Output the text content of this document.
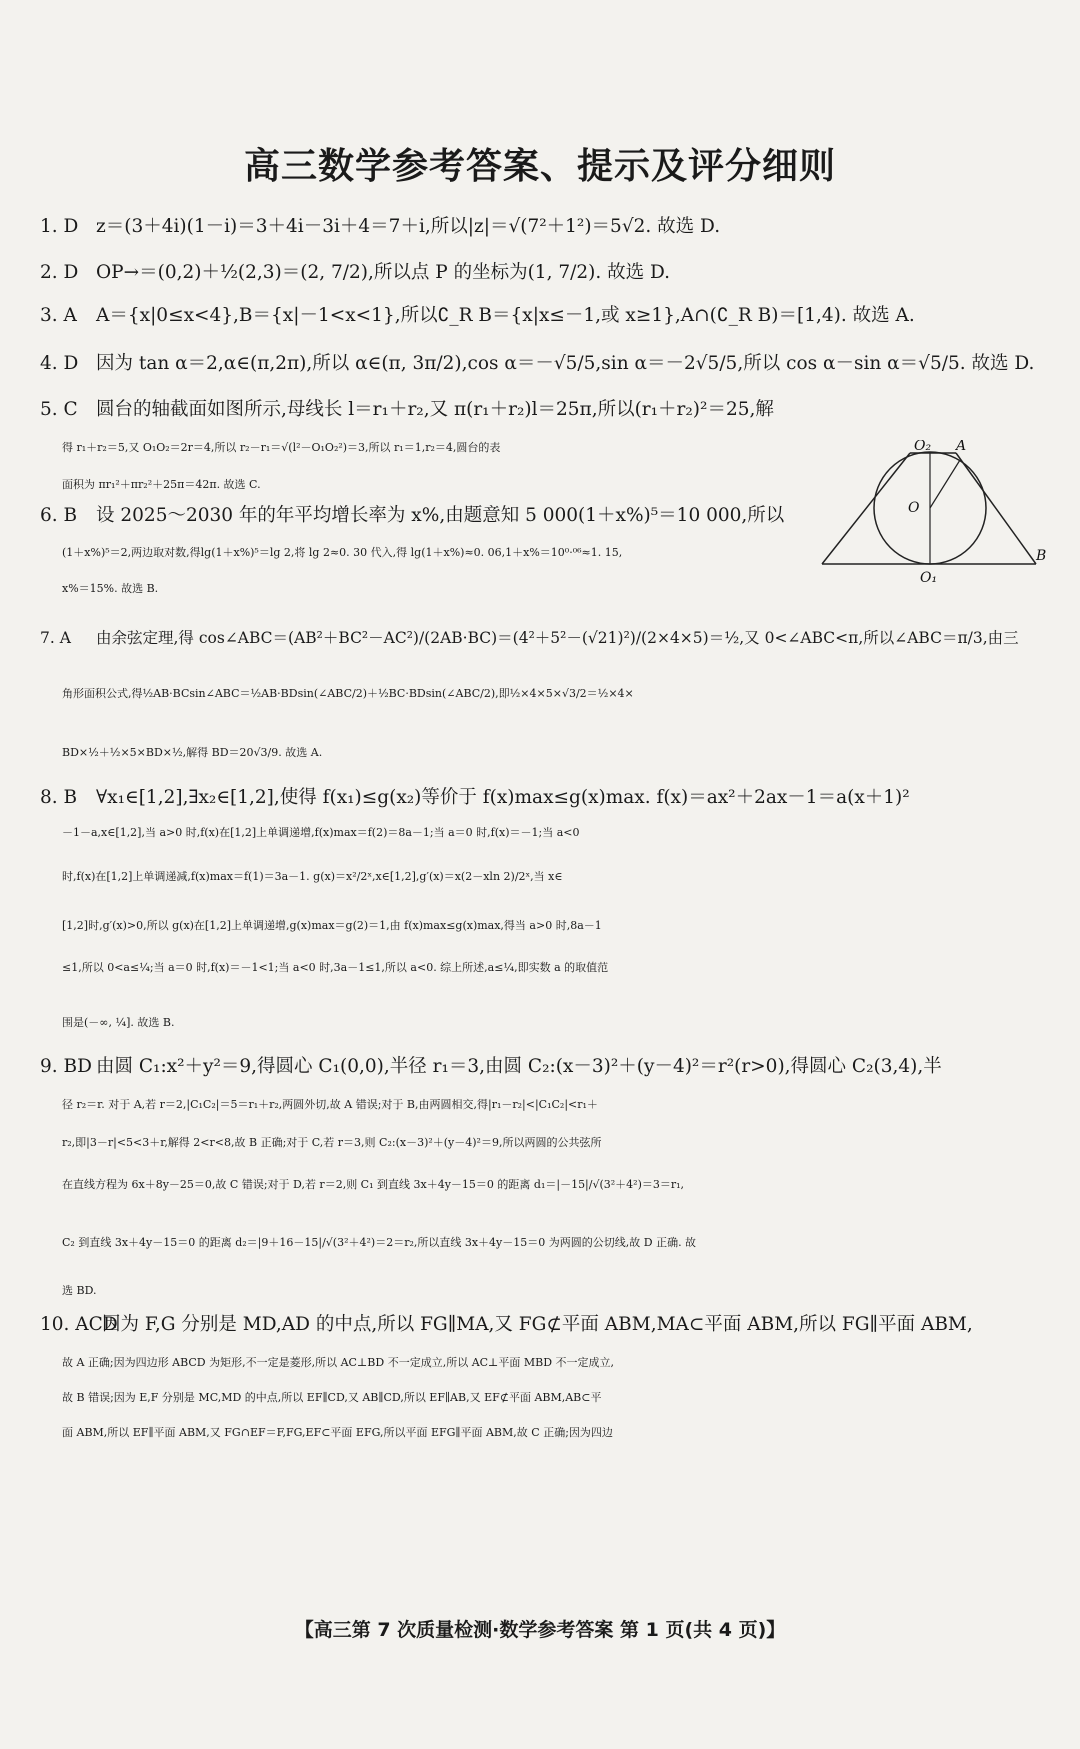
高三数学参考答案、提示及评分细则
1. D z＝(3＋4i)(1－i)＝3＋4i－3i＋4＝7＋i,所以|z|＝√(7²＋1²)＝5√2. 故选 D.
2. D OP→＝(0,2)＋½(2,3)＝(2, 7/2),所以点 P 的坐标为(1, 7/2). 故选 D.
3. A A＝{x|0≤x<4},B＝{x|－1<x<1},所以∁_R B＝{x|x≤－1,或 x≥1},A∩(∁_R B)＝[1,4). 故选 A.
4. D 因为 tan α＝2,α∈(π,2π),所以 α∈(π, 3π/2),cos α＝－√5/5,sin α＝－2√5/5,所以 cos α－sin α＝√5/5. 故选 D.
5. C 圆台的轴截面如图所示,母线长 l＝r₁＋r₂,又 π(r₁＋r₂)l＝25π,所以(r₁＋r₂)²＝25,解
得 r₁＋r₂＝5,又 O₁O₂＝2r＝4,所以 r₂－r₁＝√(l²－O₁O₂²)＝3,所以 r₁＝1,r₂＝4,圆台的表
面积为 πr₁²＋πr₂²＋25π＝42π. 故选 C.
6. B 设 2025～2030 年的年平均增长率为 x%,由题意知 5 000(1＋x%)⁵＝10 000,所以
(1＋x%)⁵＝2,两边取对数,得lg(1＋x%)⁵＝lg 2,将 lg 2≈0. 30 代入,得 lg(1＋x%)≈0. 06,1＋x%＝10⁰·⁰⁶≈1. 15,
x%＝15%. 故选 B.
7. A 由余弦定理,得 cos∠ABC＝(AB²＋BC²－AC²)/(2AB·BC)＝(4²＋5²－(√21)²)/(2×4×5)＝½,又 0<∠ABC<π,所以∠ABC＝π/3,由三
角形面积公式,得½AB·BCsin∠ABC＝½AB·BDsin(∠ABC/2)＋½BC·BDsin(∠ABC/2),即½×4×5×√3/2＝½×4×
BD×½＋½×5×BD×½,解得 BD＝20√3/9. 故选 A.
8. B ∀x₁∈[1,2],∃x₂∈[1,2],使得 f(x₁)≤g(x₂)等价于 f(x)max≤g(x)max. f(x)＝ax²＋2ax－1＝a(x＋1)²
－1－a,x∈[1,2],当 a>0 时,f(x)在[1,2]上单调递增,f(x)max＝f(2)＝8a－1;当 a＝0 时,f(x)＝－1;当 a<0
时,f(x)在[1,2]上单调递减,f(x)max＝f(1)＝3a－1. g(x)＝x²/2ˣ,x∈[1,2],g′(x)＝x(2－xln 2)/2ˣ,当 x∈
[1,2]时,g′(x)>0,所以 g(x)在[1,2]上单调递增,g(x)max＝g(2)＝1,由 f(x)max≤g(x)max,得当 a>0 时,8a－1
≤1,所以 0<a≤¼;当 a＝0 时,f(x)＝－1<1;当 a<0 时,3a－1≤1,所以 a<0. 综上所述,a≤¼,即实数 a 的取值范
围是(－∞, ¼]. 故选 B.
9. BD 由圆 C₁:x²＋y²＝9,得圆心 C₁(0,0),半径 r₁＝3,由圆 C₂:(x－3)²＋(y－4)²＝r²(r>0),得圆心 C₂(3,4),半
径 r₂＝r. 对于 A,若 r＝2,|C₁C₂|＝5＝r₁＋r₂,两圆外切,故 A 错误;对于 B,由两圆相交,得|r₁－r₂|<|C₁C₂|<r₁＋
r₂,即|3－r|<5<3＋r,解得 2<r<8,故 B 正确;对于 C,若 r＝3,则 C₂:(x－3)²＋(y－4)²＝9,所以两圆的公共弦所
在直线方程为 6x＋8y－25＝0,故 C 错误;对于 D,若 r＝2,则 C₁ 到直线 3x＋4y－15＝0 的距离 d₁＝|－15|/√(3²＋4²)＝3＝r₁,
C₂ 到直线 3x＋4y－15＝0 的距离 d₂＝|9＋16－15|/√(3²＋4²)＝2＝r₂,所以直线 3x＋4y－15＝0 为两圆的公切线,故 D 正确. 故
选 BD.
10. ACD因为 F,G 分别是 MD,AD 的中点,所以 FG∥MA,又 FG⊄平面 ABM,MA⊂平面 ABM,所以 FG∥平面 ABM,
故 A 正确;因为四边形 ABCD 为矩形,不一定是菱形,所以 AC⊥BD 不一定成立,所以 AC⊥平面 MBD 不一定成立,
故 B 错误;因为 E,F 分别是 MC,MD 的中点,所以 EF∥CD,又 AB∥CD,所以 EF∥AB,又 EF⊄平面 ABM,AB⊂平
面 ABM,所以 EF∥平面 ABM,又 FG∩EF＝F,FG,EF⊂平面 EFG,所以平面 EFG∥平面 ABM,故 C 正确;因为四边
O₂ A
O
O₁
B
【高三第 7 次质量检测·数学参考答案 第 1 页(共 4 页)】
